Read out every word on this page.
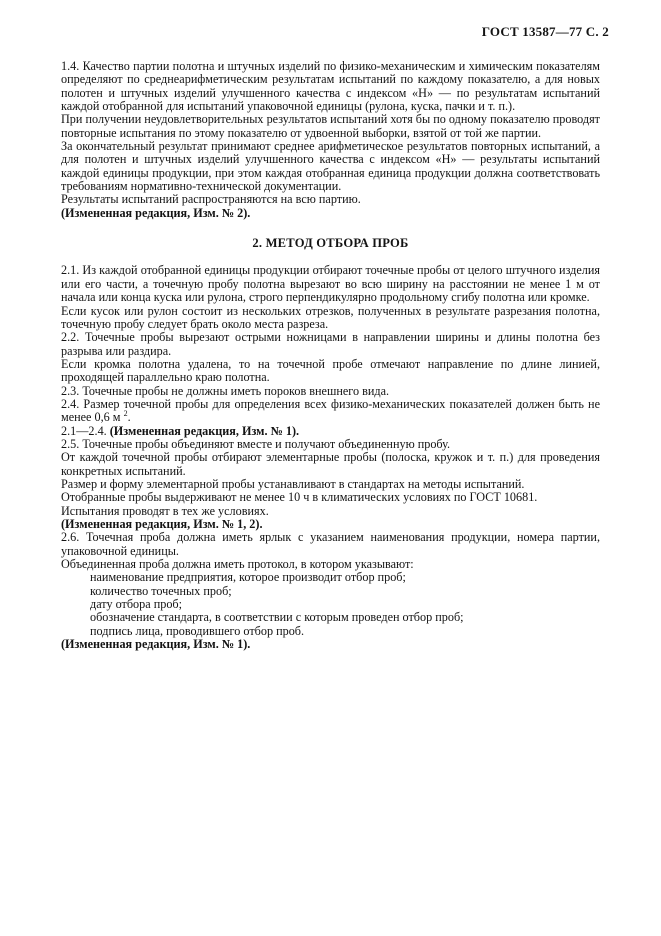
ГОСТ 13587—77 С. 2

1.4. Качество партии полотна и штучных изделий по физико-механическим и химическим показателям определяют по среднеарифметическим результатам испытаний по каждому показателю, а для новых полотен и штучных изделий улучшенного качества с индексом «Н» — по результатам испытаний каждой отобранной для испытаний упаковочной единицы (рулона, куска, пачки и т. п.).

При получении неудовлетворительных результатов испытаний хотя бы по одному показателю проводят повторные испытания по этому показателю от удвоенной выборки, взятой от той же партии.

За окончательный результат принимают среднее арифметическое результатов повторных испытаний, а для полотен и штучных изделий улучшенного качества с индексом «Н» — результаты испытаний каждой единицы продукции, при этом каждая отобранная единица продукции должна соответствовать требованиям нормативно-технической документации.

Результаты испытаний распространяются на всю партию.

(Измененная редакция, Изм. № 2).

2. МЕТОД ОТБОРА ПРОБ

2.1. Из каждой отобранной единицы продукции отбирают точечные пробы от целого штучного изделия или его части, а точечную пробу полотна вырезают во всю ширину на расстоянии не менее 1 м от начала или конца куска или рулона, строго перпендикулярно продольному сгибу полотна или кромке.

Если кусок или рулон состоит из нескольких отрезков, полученных в результате разрезания полотна, точечную пробу следует брать около места разреза.

2.2. Точечные пробы вырезают острыми ножницами в направлении ширины и длины полотна без разрыва или раздира.

Если кромка полотна удалена, то на точечной пробе отмечают направление по длине линией, проходящей параллельно краю полотна.

2.3. Точечные пробы не должны иметь пороков внешнего вида.

2.4. Размер точечной пробы для определения всех физико-механических показателей должен быть не менее 0,6 м $^2$.

2.1—2.4. (Измененная редакция, Изм. № 1).

2.5. Точечные пробы объединяют вместе и получают объединенную пробу.

От каждой точечной пробы отбирают элементарные пробы (полоска, кружок и т. п.) для проведения конкретных испытаний.

Размер и форму элементарной пробы устанавливают в стандартах на методы испытаний.

Отобранные пробы выдерживают не менее 10 ч в климатических условиях по ГОСТ 10681.

Испытания проводят в тех же условиях.

(Измененная редакция, Изм. № 1, 2).

2.6. Точечная проба должна иметь ярлык с указанием наименования продукции, номера партии, упаковочной единицы.

Объединенная проба должна иметь протокол, в котором указывают:

наименование предприятия, которое производит отбор проб;

количество точечных проб;

дату отбора проб;

обозначение стандарта, в соответствии с которым проведен отбор проб;

подпись лица, проводившего отбор проб.

(Измененная редакция, Изм. № 1).
